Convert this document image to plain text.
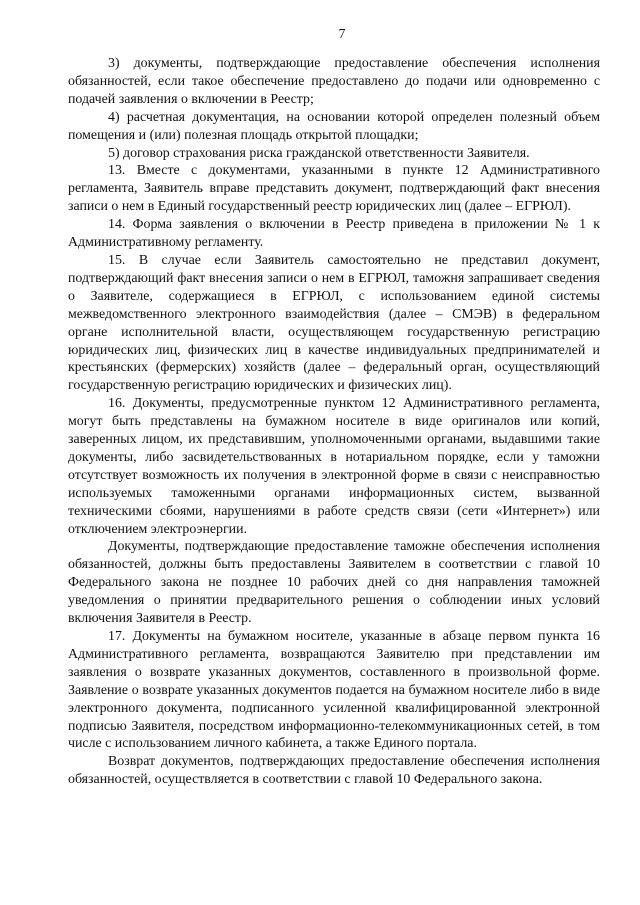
7

3) документы, подтверждающие предоставление обеспечения исполнения обязанностей, если такое обеспечение предоставлено до подачи или одновременно с подачей заявления о включении в Реестр;

4) расчетная документация, на основании которой определен полезный объем помещения и (или) полезная площадь открытой площадки;

5) договор страхования риска гражданской ответственности Заявителя.

13. Вместе с документами, указанными в пункте 12 Административного регламента, Заявитель вправе представить документ, подтверждающий факт внесения записи о нем в Единый государственный реестр юридических лиц (далее – ЕГРЮЛ).

14. Форма заявления о включении в Реестр приведена в приложении № 1 к Административному регламенту.

15. В случае если Заявитель самостоятельно не представил документ, подтверждающий факт внесения записи о нем в ЕГРЮЛ, таможня запрашивает сведения о Заявителе, содержащиеся в ЕГРЮЛ, с использованием единой системы межведомственного электронного взаимодействия (далее – СМЭВ) в федеральном органе исполнительной власти, осуществляющем государственную регистрацию юридических лиц, физических лиц в качестве индивидуальных предпринимателей и крестьянских (фермерских) хозяйств (далее – федеральный орган, осуществляющий государственную регистрацию юридических и физических лиц).

16. Документы, предусмотренные пунктом 12 Административного регламента, могут быть представлены на бумажном носителе в виде оригиналов или копий, заверенных лицом, их представившим, уполномоченными органами, выдавшими такие документы, либо засвидетельствованных в нотариальном порядке, если у таможни отсутствует возможность их получения в электронной форме в связи с неисправностью используемых таможенными органами информационных систем, вызванной техническими сбоями, нарушениями в работе средств связи (сети «Интернет») или отключением электроэнергии.

Документы, подтверждающие предоставление таможне обеспечения исполнения обязанностей, должны быть предоставлены Заявителем в соответствии с главой 10 Федерального закона не позднее 10 рабочих дней со дня направления таможней уведомления о принятии предварительного решения о соблюдении иных условий включения Заявителя в Реестр.

17. Документы на бумажном носителе, указанные в абзаце первом пункта 16 Административного регламента, возвращаются Заявителю при представлении им заявления о возврате указанных документов, составленного в произвольной форме. Заявление о возврате указанных документов подается на бумажном носителе либо в виде электронного документа, подписанного усиленной квалифицированной электронной подписью Заявителя, посредством информационно-телекоммуникационных сетей, в том числе с использованием личного кабинета, а также Единого портала.

Возврат документов, подтверждающих предоставление обеспечения исполнения обязанностей, осуществляется в соответствии с главой 10 Федерального закона.
